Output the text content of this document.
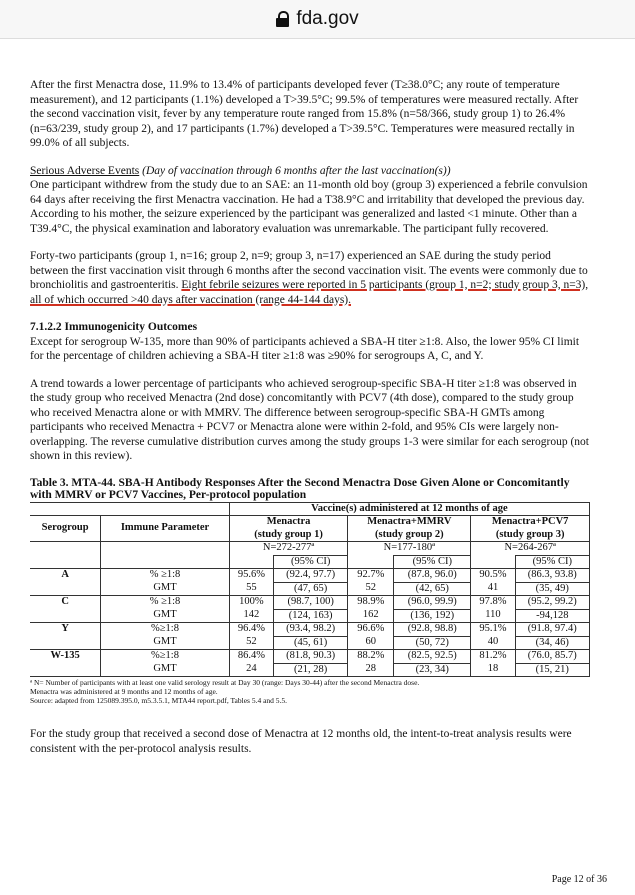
fda.gov

After the first Menactra dose, 11.9% to 13.4% of participants developed fever (T≥38.0°C; any route of temperature measurement), and 12 participants (1.1%) developed a T>39.5°C; 99.5% of temperatures were measured rectally. After the second vaccination visit, fever by any temperature route ranged from 15.8% (n=58/366, study group 1) to 26.4% (n=63/239, study group 2), and 17 participants (1.7%) developed a T>39.5°C. Temperatures were measured rectally in 99.0% of all subjects.

Serious Adverse Events (Day of vaccination through 6 months after the last vaccination(s))
One participant withdrew from the study due to an SAE: an 11-month old boy (group 3) experienced a febrile convulsion 64 days after receiving the first Menactra vaccination. He had a T38.9°C and irritability that developed the previous day. According to his mother, the seizure experienced by the participant was generalized and lasted <1 minute. Other than a T39.4°C, the physical examination and laboratory evaluation was unremarkable. The participant fully recovered.

Forty-two participants (group 1, n=16; group 2, n=9; group 3, n=17) experienced an SAE during the study period between the first vaccination visit through 6 months after the second vaccination visit. The events were commonly due to bronchiolitis and gastroenteritis. Eight febrile seizures were reported in 5 participants (group 1, n=2; study group 3, n=3), all of which occurred >40 days after vaccination (range 44-144 days).

7.1.2.2 Immunogenicity Outcomes

Except for serogroup W-135, more than 90% of participants achieved a SBA-H titer ≥1:8. Also, the lower 95% CI limit for the percentage of children achieving a SBA-H titer ≥1:8 was ≥90% for serogroups A, C, and Y.

A trend towards a lower percentage of participants who achieved serogroup-specific SBA-H titer ≥1:8 was observed in the study group who received Menactra (2nd dose) concomitantly with PCV7 (4th dose), compared to the study group who received Menactra alone or with MMRV. The difference between serogroup-specific SBA-H GMTs among participants who received Menactra + PCV7 or Menactra alone were within 2-fold, and 95% CIs were largely non-overlapping. The reverse cumulative distribution curves among the study groups 1-3 were similar for each serogroup (not shown in this review).

Table 3. MTA-44. SBA-H Antibody Responses After the Second Menactra Dose Given Alone or Concomitantly with MMRV or PCV7 Vaccines, Per-protocol population
		Vaccine(s) administered at 12 months of age					
Serogroup	Immune Parameter	Menactra		Menactra+MMRV		Menactra+PCV7	
		(study group 1)		(study group 2)		(study group 3)	
		N=272-277ª		N=177-180ª		N=264-267ª	
			(95% CI)		(95% CI)		(95% CI)
A	% ≥1:8	95.6%	(92.4, 97.7)	92.7%	(87.8, 96.0)	90.5%	(86.3, 93.8)
	GMT	55	(47, 65)	52	(42, 65)	41	(35, 49)
C	% ≥1:8	100%	(98.7, 100)	98.9%	(96.0, 99.9)	97.8%	(95.2, 99.2)
	GMT	142	(124, 163)	162	(136, 192)	110	-94,128
Y	%≥1:8	96.4%	(93.4, 98.2)	96.6%	(92.8, 98.8)	95.1%	(91.8, 97.4)
	GMT	52	(45, 61)	60	(50, 72)	40	(34, 46)
W-135	%≥1:8	86.4%	(81.8, 90.3)	88.2%	(82.5, 92.5)	81.2%	(76.0, 85.7)
	GMT	24	(21, 28)	28	(23, 34)	18	(15, 21)
ª N= Number of participants with at least one valid serology result at Day 30 (range: Days 30-44) after the second Menactra dose.
Menactra was administered at 9 months and 12 months of age.
Source: adapted from 125089.395.0, m5.3.5.1, MTA44 report.pdf, Tables 5.4 and 5.5.

For the study group that received a second dose of Menactra at 12 months old, the intent-to-treat analysis results were consistent with the per-protocol analysis results.

Page 12 of 36
